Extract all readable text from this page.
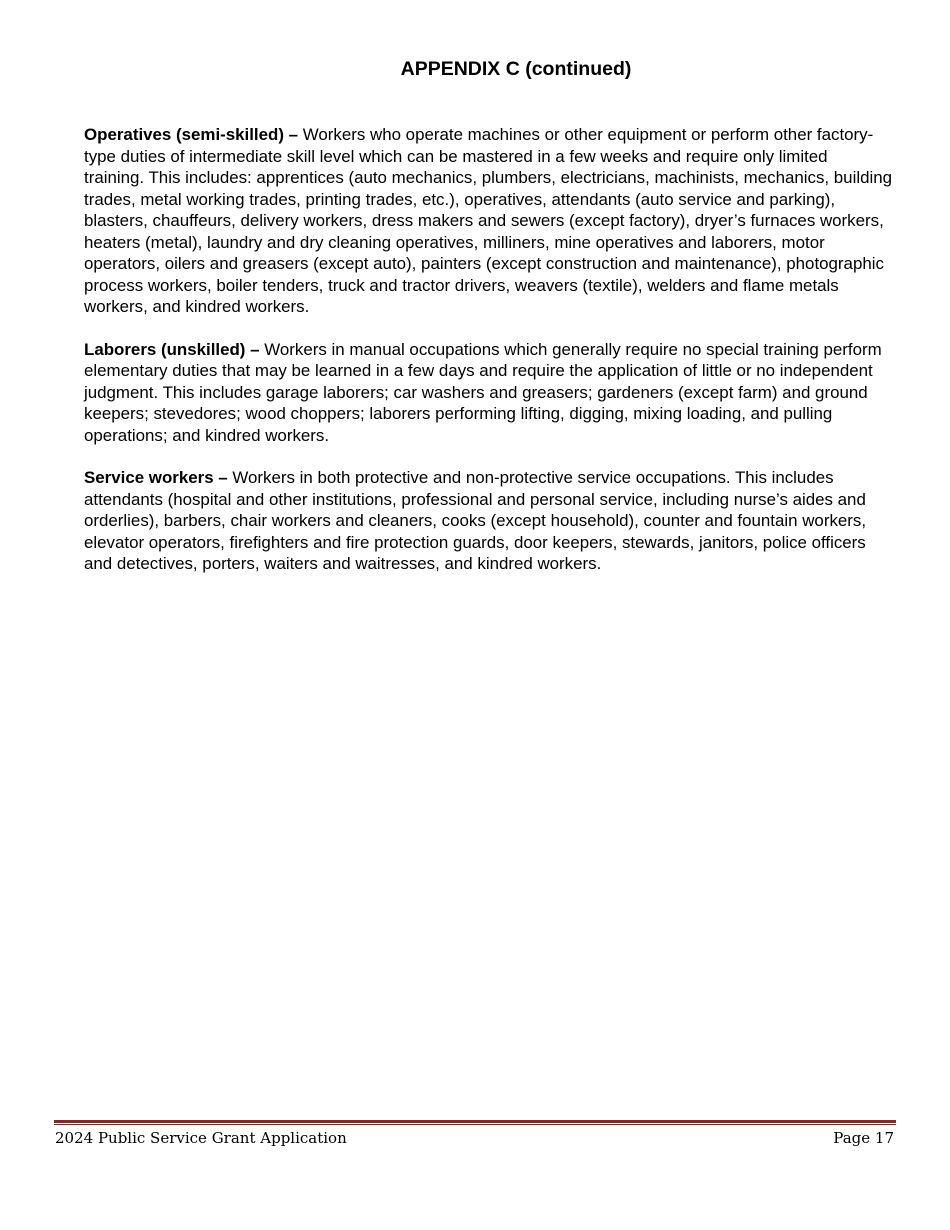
APPENDIX C (continued)

Operatives (semi-skilled) – Workers who operate machines or other equipment or perform other factory-type duties of intermediate skill level which can be mastered in a few weeks and require only limited training. This includes: apprentices (auto mechanics, plumbers, electricians, machinists, mechanics, building trades, metal working trades, printing trades, etc.), operatives, attendants (auto service and parking), blasters, chauffeurs, delivery workers, dress makers and sewers (except factory), dryer’s furnaces workers, heaters (metal), laundry and dry cleaning operatives, milliners, mine operatives and laborers, motor operators, oilers and greasers (except auto), painters (except construction and maintenance), photographic process workers, boiler tenders, truck and tractor drivers, weavers (textile), welders and flame metals workers, and kindred workers.

Laborers (unskilled) – Workers in manual occupations which generally require no special training perform elementary duties that may be learned in a few days and require the application of little or no independent judgment. This includes garage laborers; car washers and greasers; gardeners (except farm) and ground keepers; stevedores; wood choppers; laborers performing lifting, digging, mixing loading, and pulling operations; and kindred workers.

Service workers – Workers in both protective and non-protective service occupations. This includes attendants (hospital and other institutions, professional and personal service, including nurse’s aides and orderlies), barbers, chair workers and cleaners, cooks (except household), counter and fountain workers, elevator operators, firefighters and fire protection guards, door keepers, stewards, janitors, police officers and detectives, porters, waiters and waitresses, and kindred workers.

2024 Public Service Grant Application	Page 17
